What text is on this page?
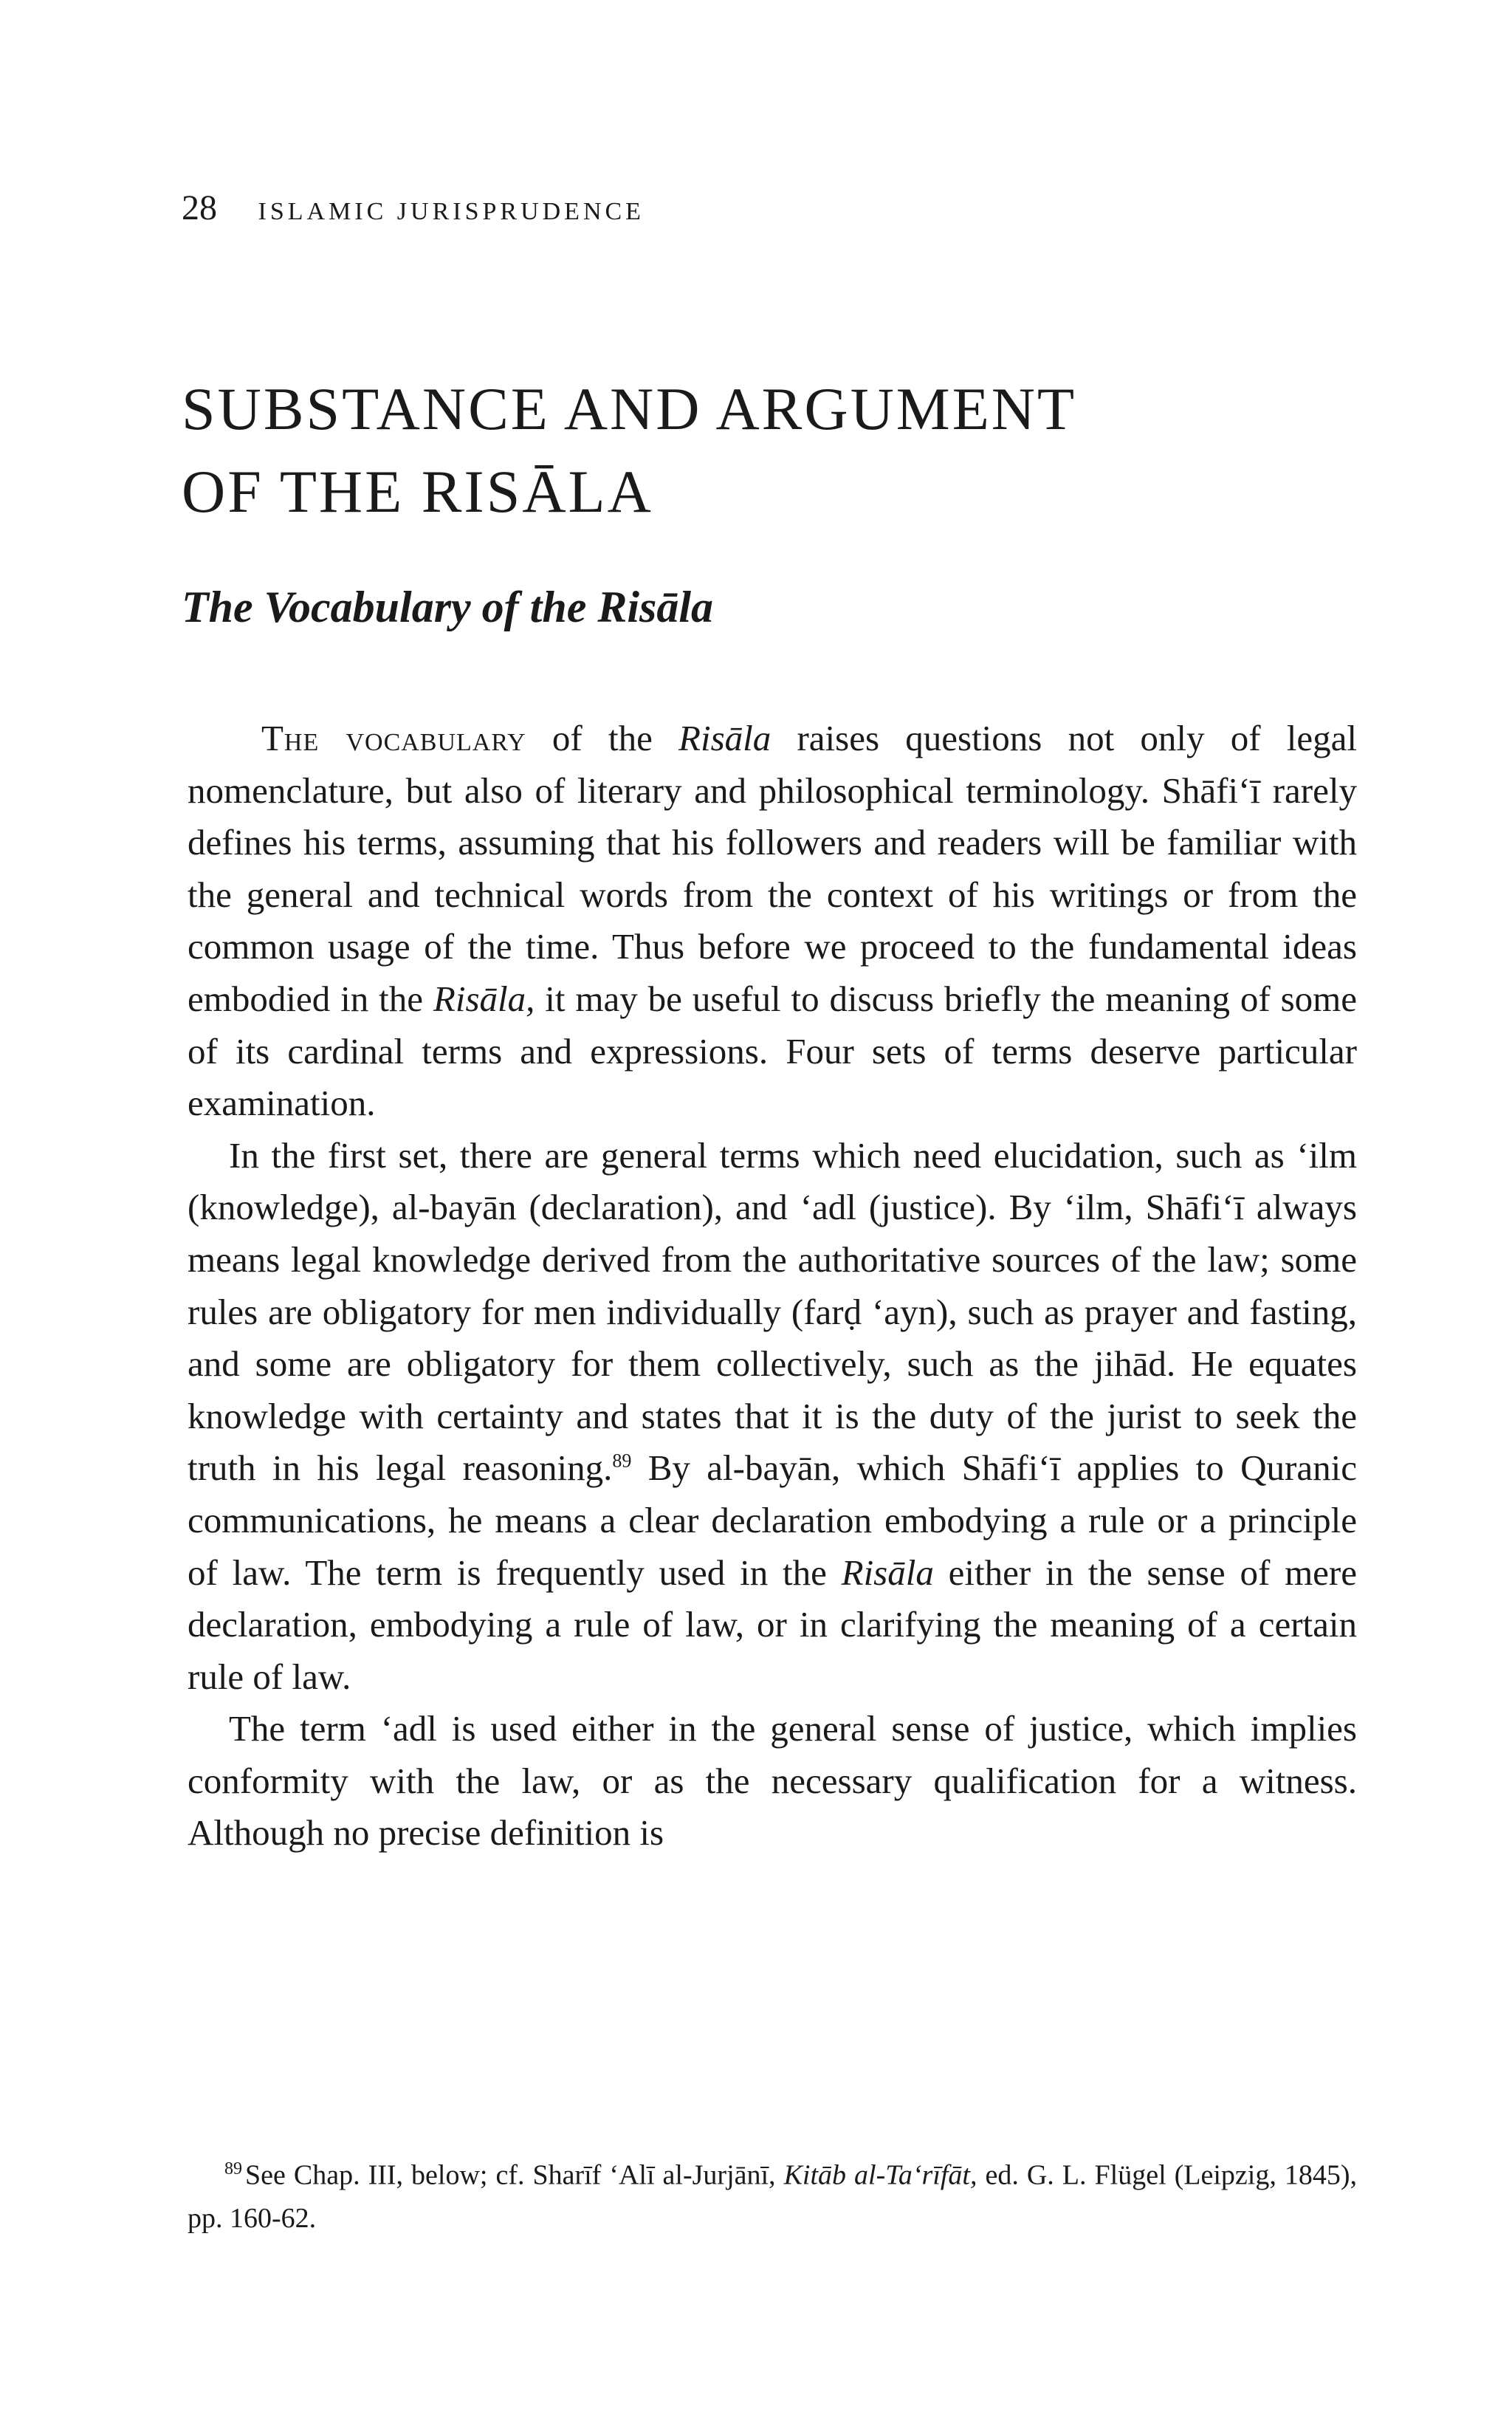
28 ISLAMIC JURISPRUDENCE
SUBSTANCE AND ARGUMENT
OF THE RISĀLA
The Vocabulary of the Risāla

The vocabulary of the Risāla raises questions not only of legal nomenclature, but also of literary and philosophical terminology. Shāfi‘ī rarely defines his terms, assuming that his followers and readers will be familiar with the general and technical words from the context of his writings or from the common usage of the time. Thus before we proceed to the fundamental ideas embodied in the Risāla, it may be useful to discuss briefly the meaning of some of its cardinal terms and expressions. Four sets of terms deserve particular examination.

In the first set, there are general terms which need elucidation, such as ‘ilm (knowledge), al-bayān (declaration), and ‘adl (justice). By ‘ilm, Shāfi‘ī always means legal knowledge derived from the authoritative sources of the law; some rules are obligatory for men individually (farḍ ‘ayn), such as prayer and fasting, and some are obligatory for them collectively, such as the jihād. He equates knowledge with certainty and states that it is the duty of the jurist to seek the truth in his legal reasoning.$^{89}$ By al-bayān, which Shāfi‘ī applies to Quranic communications, he means a clear declaration embodying a rule or a principle of law. The term is frequently used in the Risāla either in the sense of mere declaration, embodying a rule of law, or in clarifying the meaning of a certain rule of law.

The term ‘adl is used either in the general sense of justice, which implies conformity with the law, or as the necessary qualification for a witness. Although no precise definition is

$^{89}$ See Chap. III, below; cf. Sharīf ‘Alī al-Jurjānī, Kitāb al-Ta‘rīfāt, ed. G. L. Flügel (Leipzig, 1845), pp. 160-62.
